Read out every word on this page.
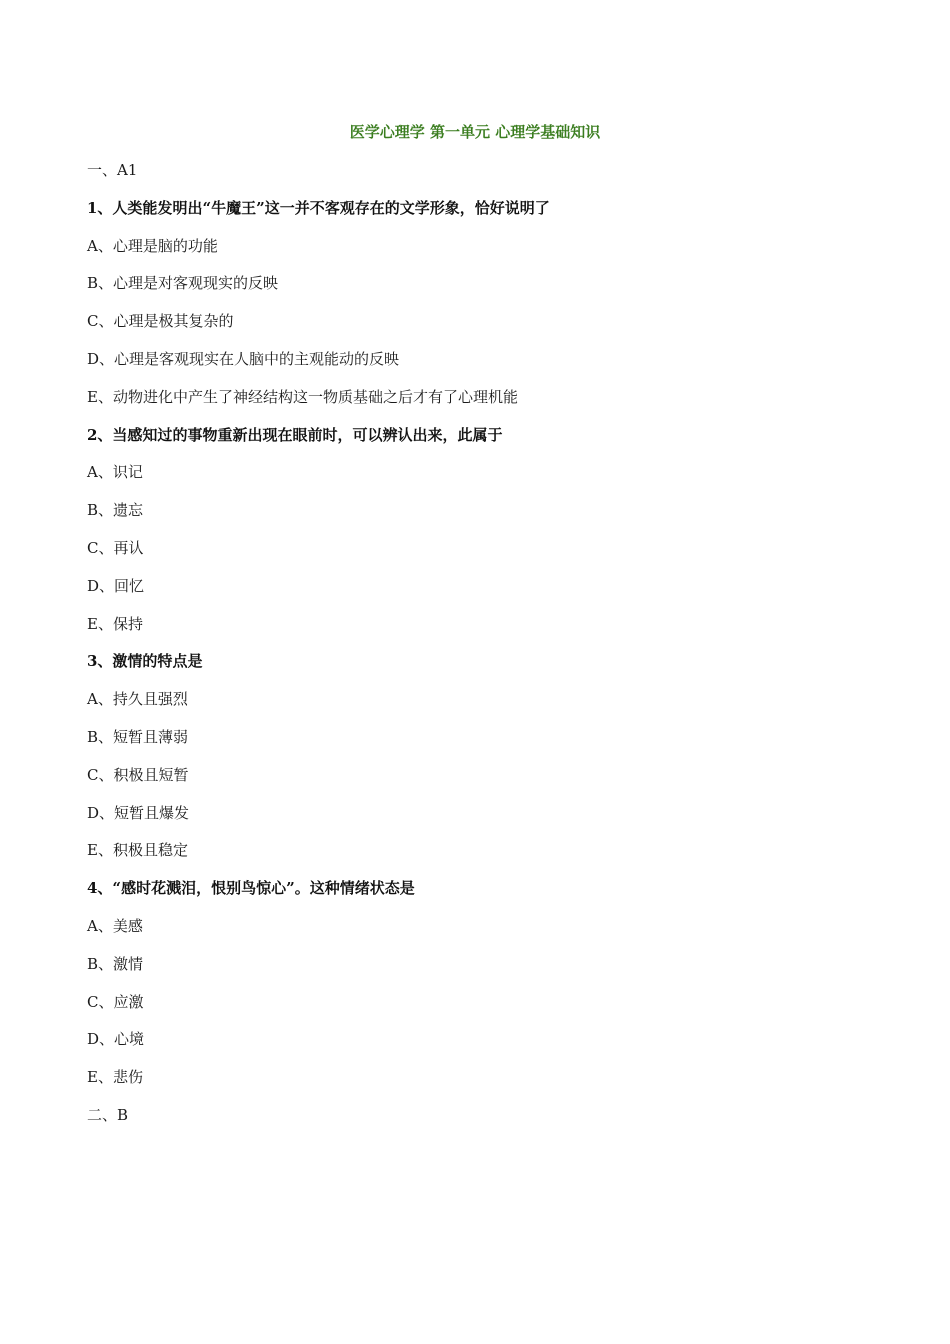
医学心理学 第一单元 心理学基础知识
一、A1
1、人类能发明出“牛魔王”这一并不客观存在的文学形象，恰好说明了
A、心理是脑的功能
B、心理是对客观现实的反映
C、心理是极其复杂的
D、心理是客观现实在人脑中的主观能动的反映
E、动物进化中产生了神经结构这一物质基础之后才有了心理机能
2、当感知过的事物重新出现在眼前时，可以辨认出来，此属于
A、识记
B、遗忘
C、再认
D、回忆
E、保持
3、激情的特点是
A、持久且强烈
B、短暂且薄弱
C、积极且短暂
D、短暂且爆发
E、积极且稳定
4、“感时花溅泪，恨别鸟惊心”。这种情绪状态是
A、美感
B、激情
C、应激
D、心境
E、悲伤
二、B
